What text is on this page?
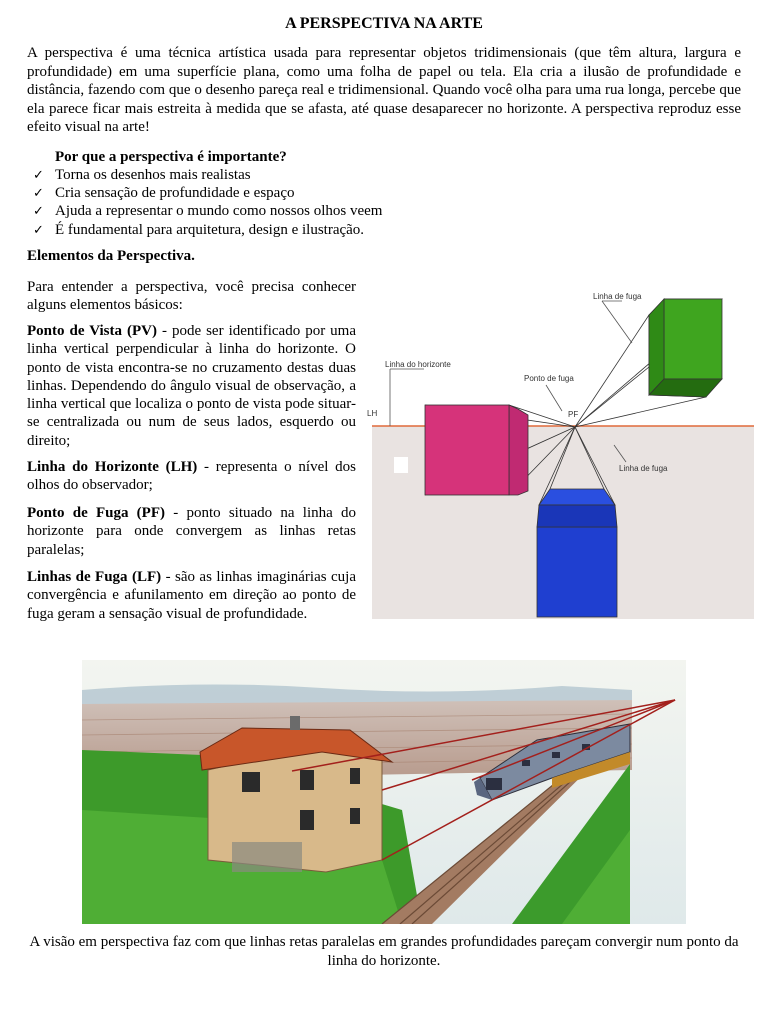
A PERSPECTIVA NA ARTE

A perspectiva é uma técnica artística usada para representar objetos tridimensionais (que têm altura, largura e profundidade) em uma superfície plana, como uma folha de papel ou tela. Ela cria a ilusão de profundidade e distância, fazendo com que o desenho pareça real e tridimensional. Quando você olha para uma rua longa, percebe que ela parece ficar mais estreita à medida que se afasta, até quase desaparecer no horizonte. A perspectiva reproduz esse efeito visual na arte!

Por que a perspectiva é importante?

✓ Torna os desenhos mais realistas
✓ Cria sensação de profundidade e espaço
✓ Ajuda a representar o mundo como nossos olhos veem
✓ É fundamental para arquitetura, design e ilustração.

Elementos da Perspectiva.

Para entender a perspectiva, você precisa conhecer alguns elementos básicos:

Ponto de Vista (PV) - pode ser identificado por uma linha vertical perpendicular à linha do horizonte. O ponto de vista encontra-se no cruzamento destas duas linhas. Dependendo do ângulo visual de observação, a linha vertical que localiza o ponto de vista pode situar-se centralizada ou num de seus lados, esquerdo ou direito;

Linha do Horizonte (LH) - representa o nível dos olhos do observador;

Ponto de Fuga (PF) - ponto situado na linha do horizonte para onde convergem as linhas retas paralelas;

Linhas de Fuga (LF) - são as linhas imaginárias cuja convergência e afunilamento em direção ao ponto de fuga geram a sensação visual de profundidade.

Linha de fuga
Linha do horizonte
Ponto de fuga
LH	PF
Linha de fuga

A visão em perspectiva faz com que linhas retas paralelas em grandes profundidades pareçam convergir num ponto da linha do horizonte.
